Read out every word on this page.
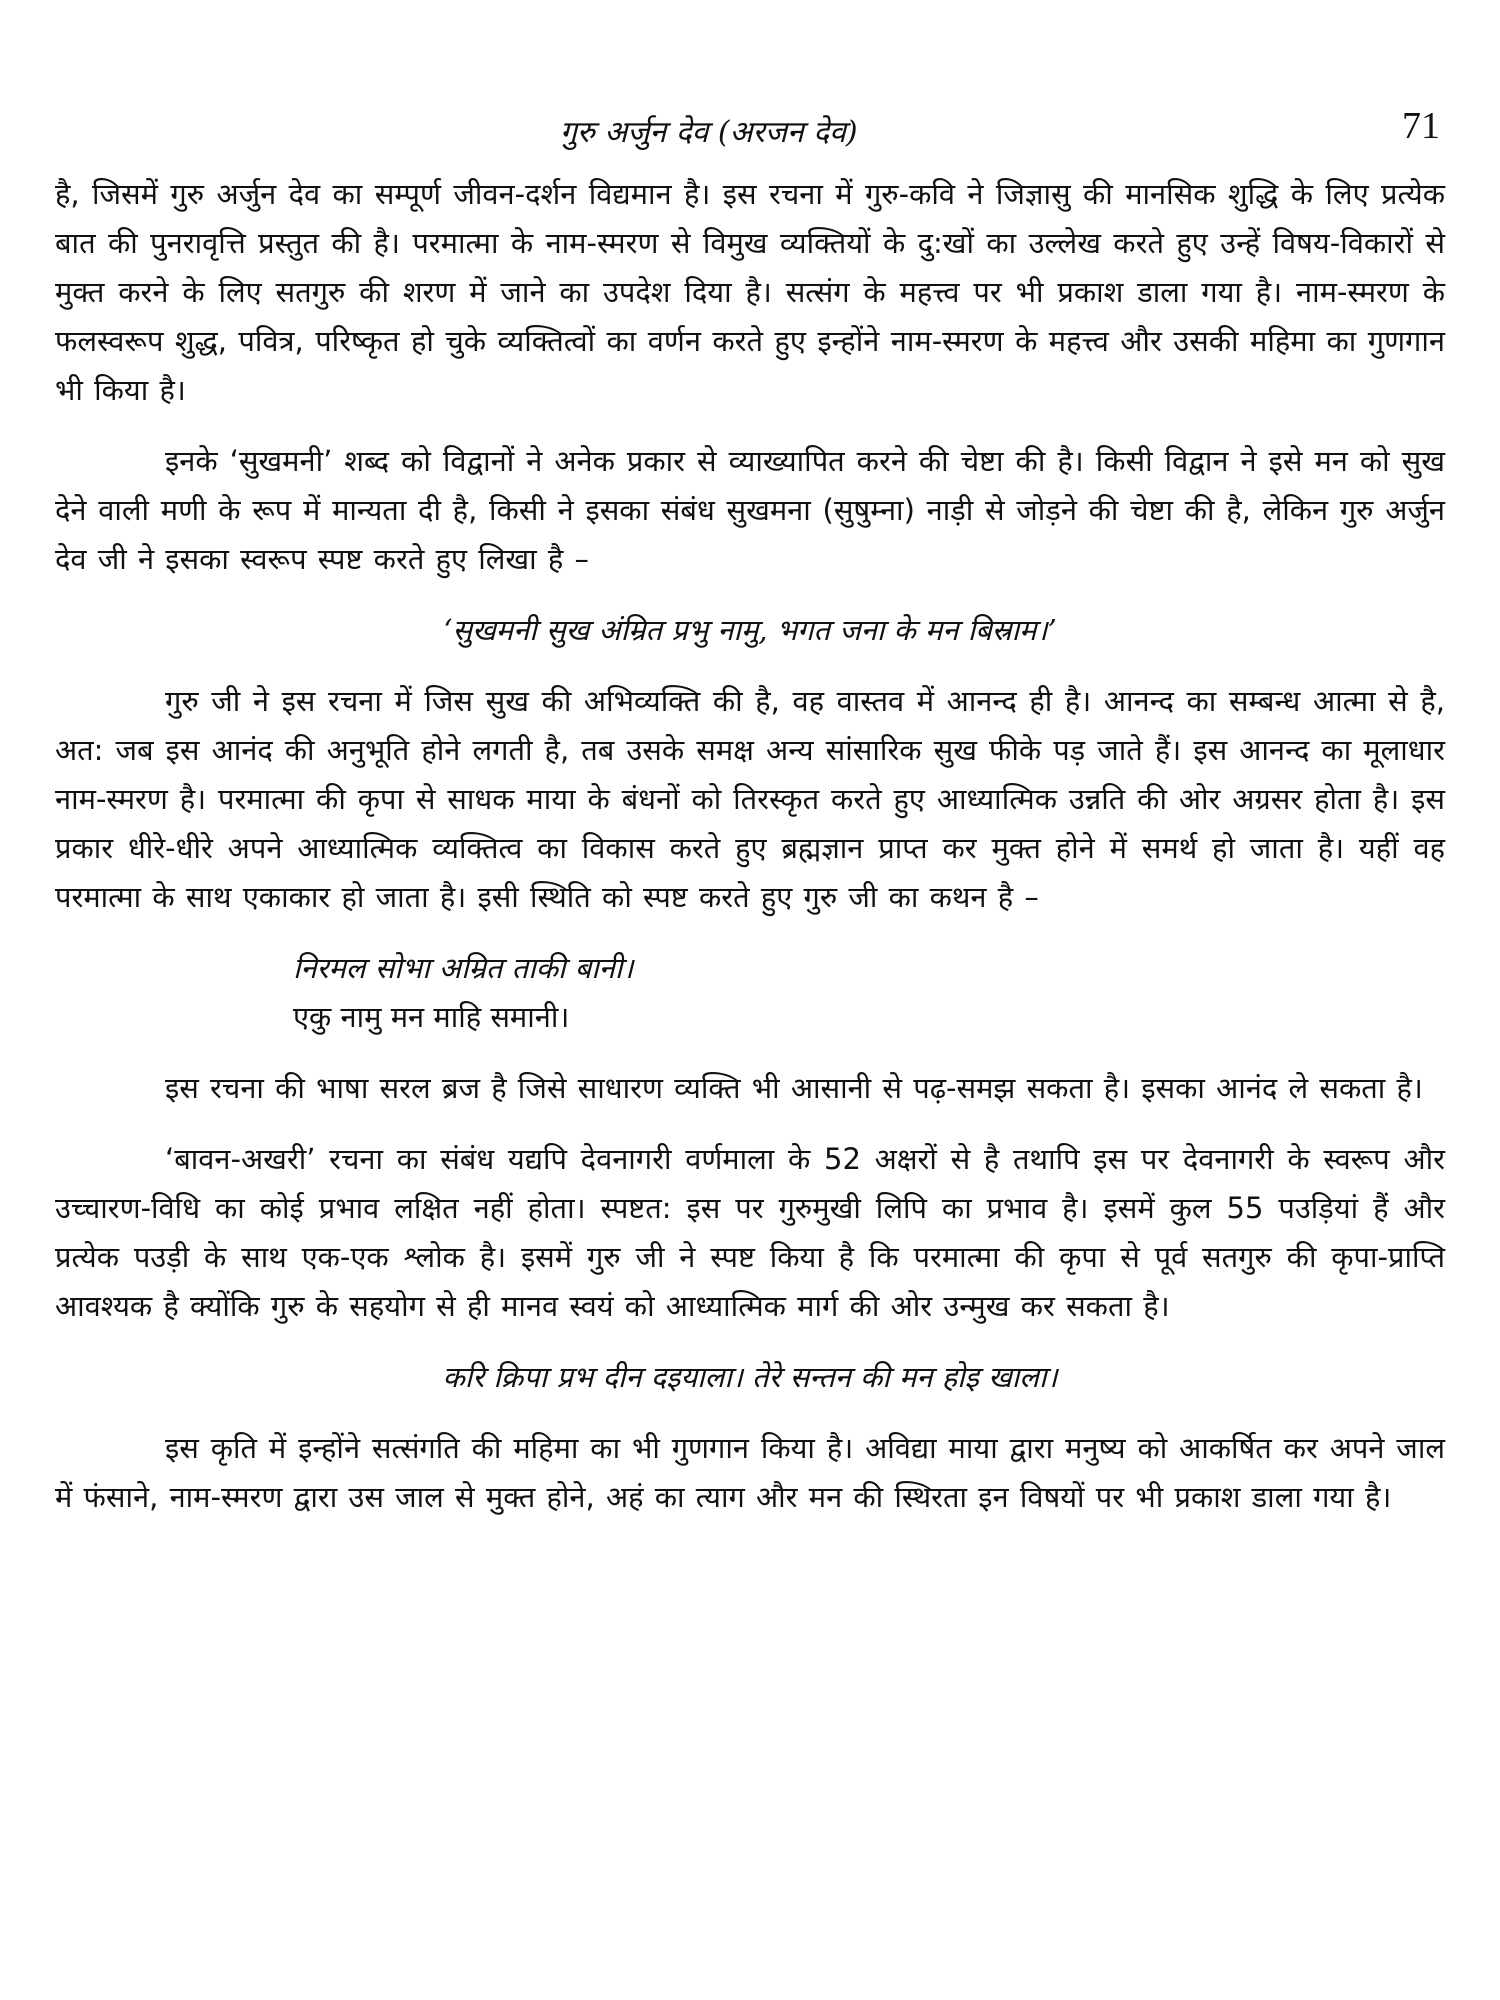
गुरु अर्जुन देव (अरजन देव)	71

है, जिसमें गुरु अर्जुन देव का सम्पूर्ण जीवन-दर्शन विद्यमान है। इस रचना में गुरु-कवि ने जिज्ञासु की मानसिक शुद्धि के लिए प्रत्येक बात की पुनरावृत्ति प्रस्तुत की है। परमात्मा के नाम-स्मरण से विमुख व्यक्तियों के दु:खों का उल्लेख करते हुए उन्हें विषय-विकारों से मुक्त करने के लिए सतगुरु की शरण में जाने का उपदेश दिया है। सत्संग के महत्त्व पर भी प्रकाश डाला गया है। नाम-स्मरण के फलस्वरूप शुद्ध, पवित्र, परिष्कृत हो चुके व्यक्तित्वों का वर्णन करते हुए इन्होंने नाम-स्मरण के महत्त्व और उसकी महिमा का गुणगान भी किया है।

इनके ‘सुखमनी’ शब्द को विद्वानों ने अनेक प्रकार से व्याख्यापित करने की चेष्टा की है। किसी विद्वान ने इसे मन को सुख देने वाली मणी के रूप में मान्यता दी है, किसी ने इसका संबंध सुखमना (सुषुम्ना) नाड़ी से जोड़ने की चेष्टा की है, लेकिन गुरु अर्जुन देव जी ने इसका स्वरूप स्पष्ट करते हुए लिखा है –

‘सुखमनी सुख अंम्रित प्रभु नामु, भगत जना के मन बिस्राम।’

गुरु जी ने इस रचना में जिस सुख की अभिव्यक्ति की है, वह वास्तव में आनन्द ही है। आनन्द का सम्बन्ध आत्मा से है, अत: जब इस आनंद की अनुभूति होने लगती है, तब उसके समक्ष अन्य सांसारिक सुख फीके पड़ जाते हैं। इस आनन्द का मूलाधार नाम-स्मरण है। परमात्मा की कृपा से साधक माया के बंधनों को तिरस्कृत करते हुए आध्यात्मिक उन्नति की ओर अग्रसर होता है। इस प्रकार धीरे-धीरे अपने आध्यात्मिक व्यक्तित्व का विकास करते हुए ब्रह्मज्ञान प्राप्त कर मुक्त होने में समर्थ हो जाता है। यहीं वह परमात्मा के साथ एकाकार हो जाता है। इसी स्थिति को स्पष्ट करते हुए गुरु जी का कथन है –

निरमल सोभा अम्रित ताकी बानी।
एकु नामु मन माहि समानी।

इस रचना की भाषा सरल ब्रज है जिसे साधारण व्यक्ति भी आसानी से पढ़-समझ सकता है। इसका आनंद ले सकता है।

‘बावन-अखरी’ रचना का संबंध यद्यपि देवनागरी वर्णमाला के 52 अक्षरों से है तथापि इस पर देवनागरी के स्वरूप और उच्चारण-विधि का कोई प्रभाव लक्षित नहीं होता। स्पष्टत: इस पर गुरुमुखी लिपि का प्रभाव है। इसमें कुल 55 पउड़ियां हैं और प्रत्येक पउड़ी के साथ एक-एक श्लोक है। इसमें गुरु जी ने स्पष्ट किया है कि परमात्मा की कृपा से पूर्व सतगुरु की कृपा-प्राप्ति आवश्यक है क्योंकि गुरु के सहयोग से ही मानव स्वयं को आध्यात्मिक मार्ग की ओर उन्मुख कर सकता है।

करि क्रिपा प्रभ दीन दइयाला। तेरे सन्तन की मन होइ खाला।

इस कृति में इन्होंने सत्संगति की महिमा का भी गुणगान किया है। अविद्या माया द्वारा मनुष्य को आकर्षित कर अपने जाल में फंसाने, नाम-स्मरण द्वारा उस जाल से मुक्त होने, अहं का त्याग और मन की स्थिरता इन विषयों पर भी प्रकाश डाला गया है।
